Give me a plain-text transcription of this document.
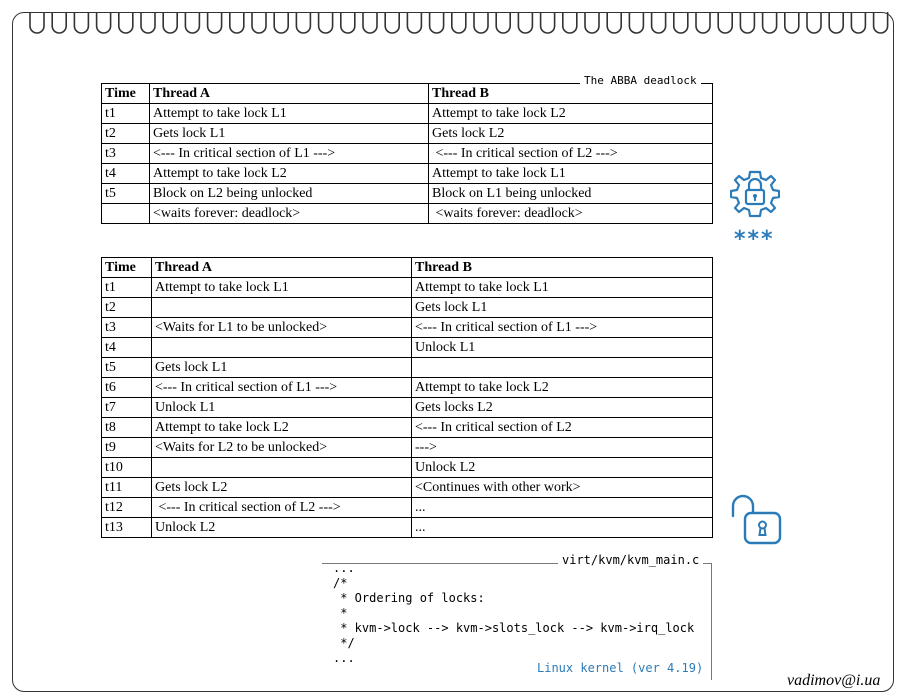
Time	Thread A	Thread B
t1	Attempt to take lock L1	Attempt to take lock L2
t2	Gets lock L1	Gets lock L2
t3	<--- In critical section of L1 --->	<--- In critical section of L2 --->
t4	Attempt to take lock L2	Attempt to take lock L1
t5	Block on L2 being unlocked	Block on L1 being unlocked
	<waits forever: deadlock>	<waits forever: deadlock>
The ABBA deadlock
Time	Thread A	Thread B
t1	Attempt to take lock L1	Attempt to take lock L1
t2		Gets lock L1
t3	<Waits for L1 to be unlocked>	<--- In critical section of L1 --->
t4		Unlock L1
t5	Gets lock L1	
t6	<--- In critical section of L1 --->	Attempt to take lock L2
t7	Unlock L1	Gets locks L2
t8	Attempt to take lock L2	<--- In critical section of L2
t9	<Waits for L2 to be unlocked>	--->
t10		Unlock L2
t11	Gets lock L2	<Continues with other work>
t12	<--- In critical section of L2 --->	...
t13	Unlock L2	...
virt/kvm/kvm_main.c
...
/*
* Ordering of locks:
*
* kvm->lock --> kvm->slots_lock --> kvm->irq_lock
*/
...
Linux kernel (ver 4.19)
***
vadimov@i.ua
